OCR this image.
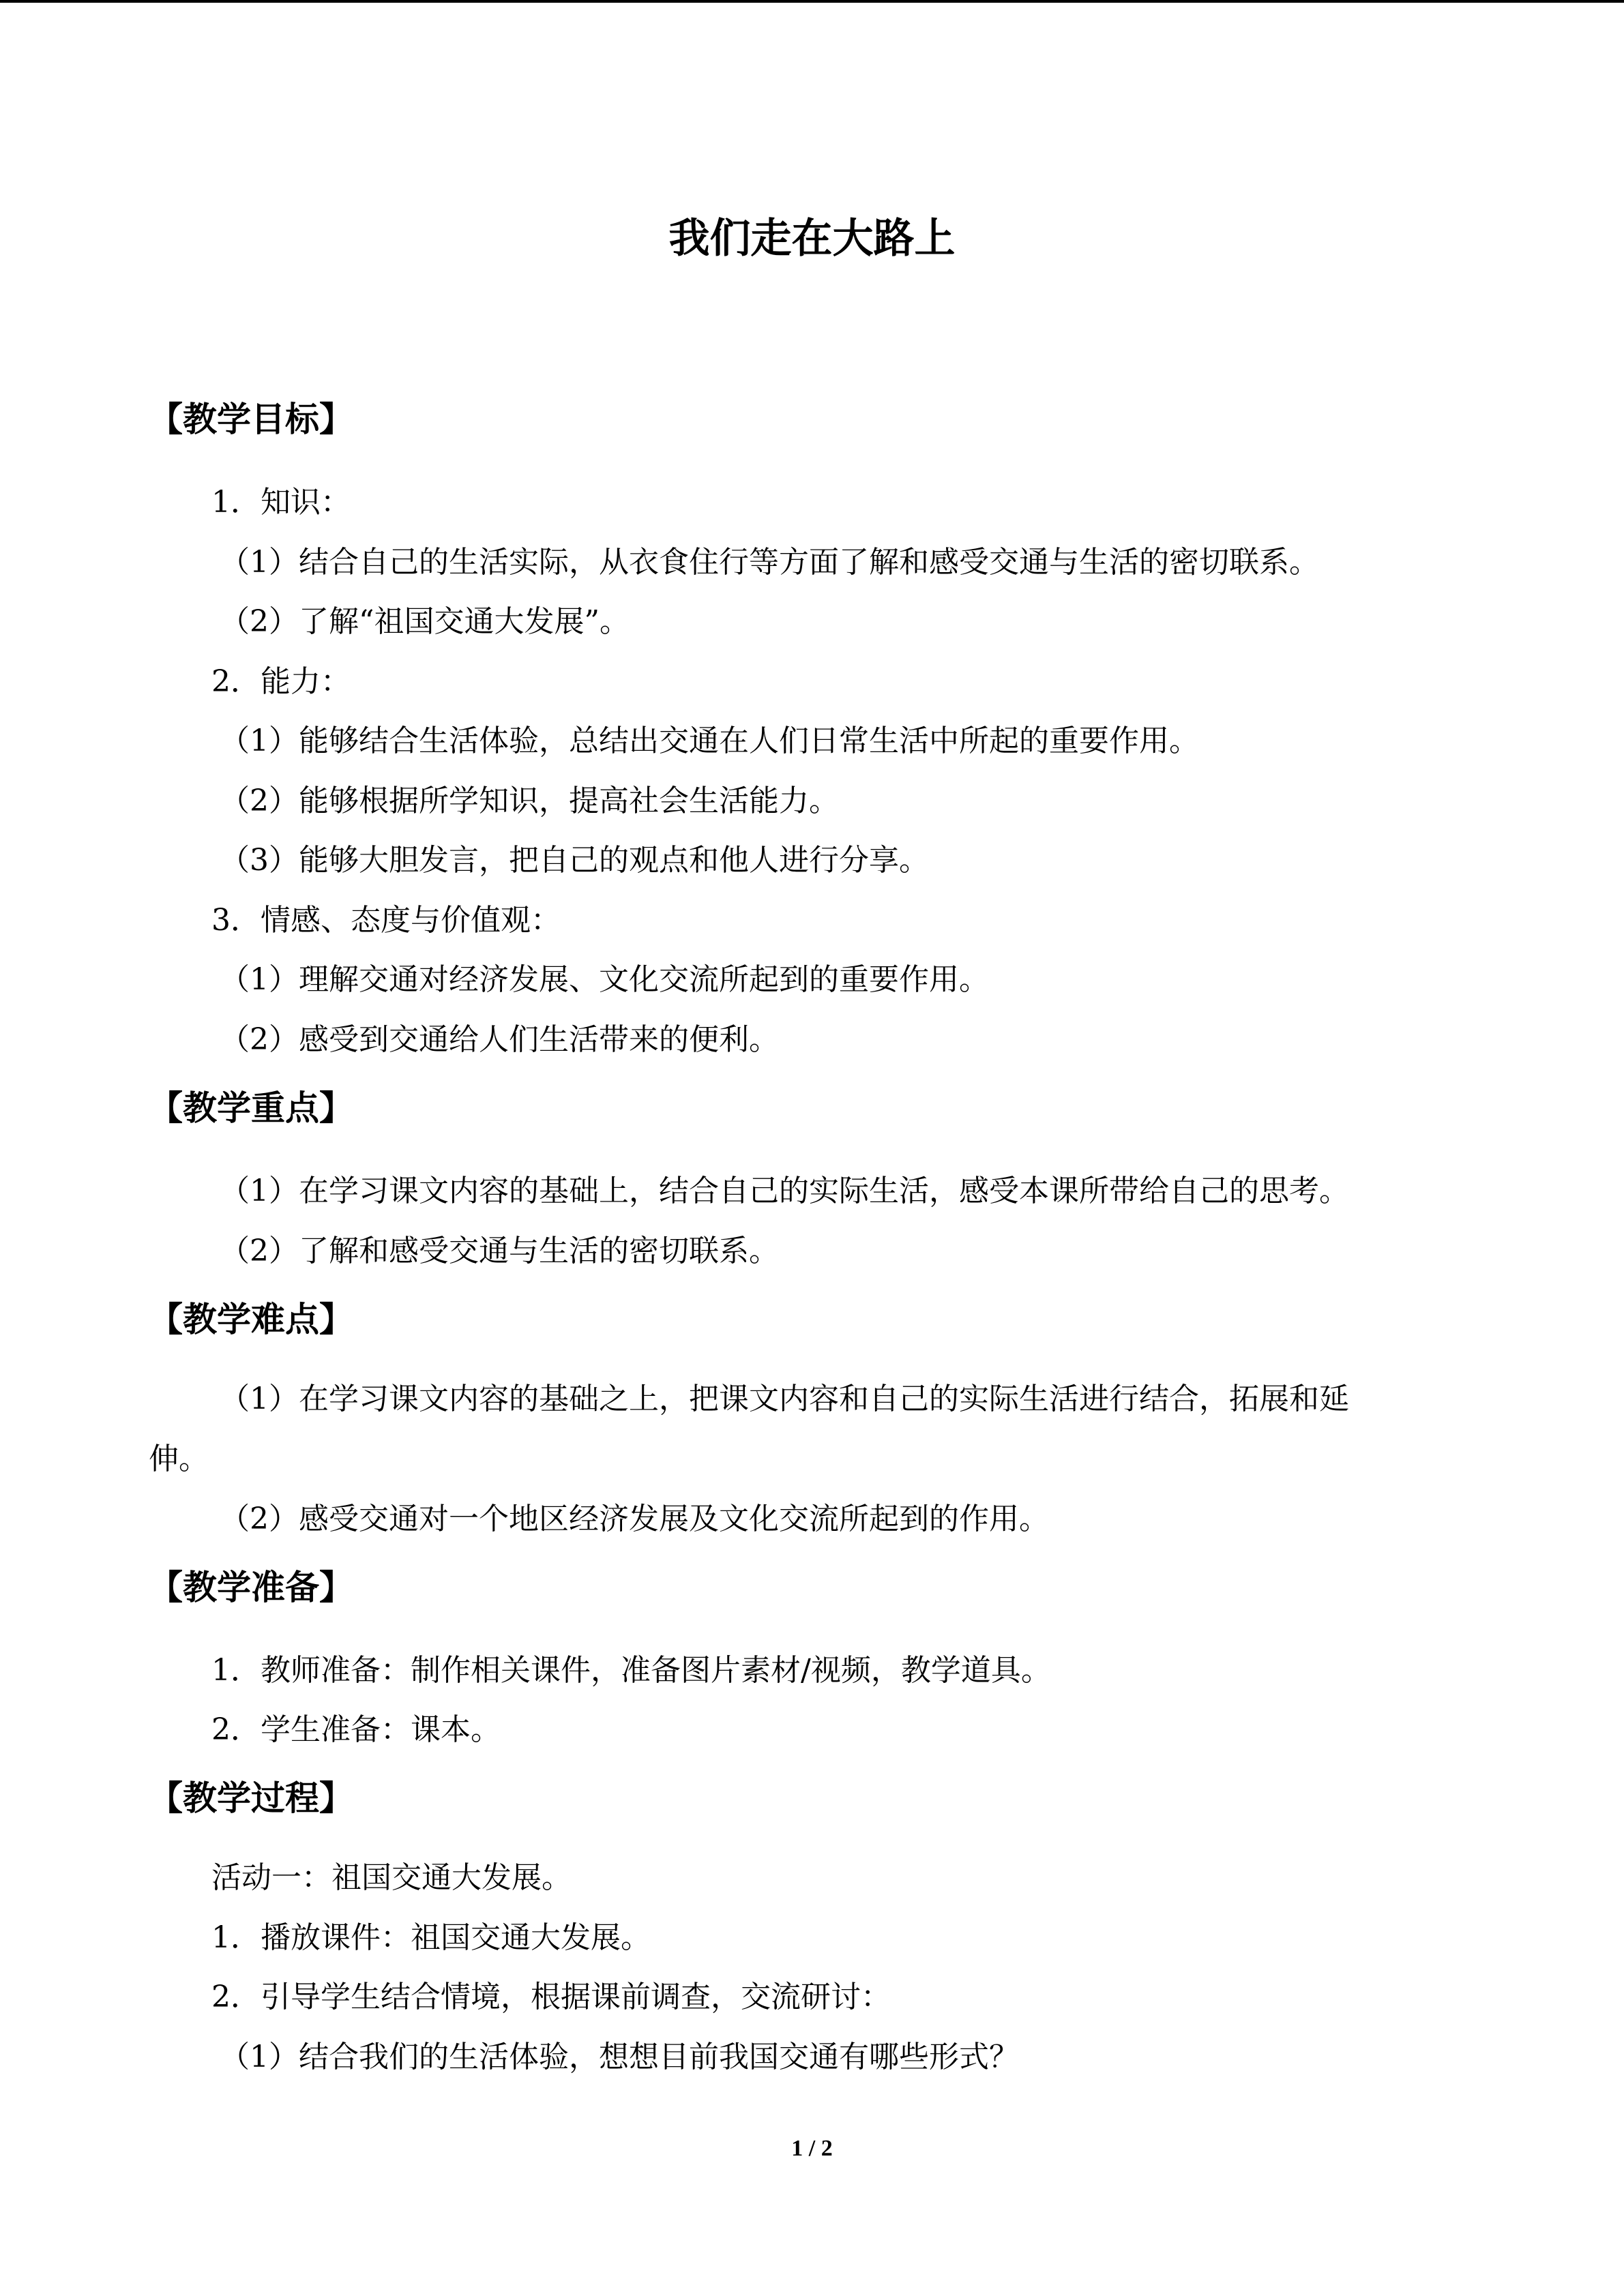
我们走在大路上
【教学目标】

1．知识：

（1）结合自己的生活实际，从衣食住行等方面了解和感受交通与生活的密切联系。

（2）了解“祖国交通大发展”。

2．能力：

（1）能够结合生活体验，总结出交通在人们日常生活中所起的重要作用。

（2）能够根据所学知识，提高社会生活能力。

（3）能够大胆发言，把自己的观点和他人进行分享。

3．情感、态度与价值观：

（1）理解交通对经济发展、文化交流所起到的重要作用。

（2）感受到交通给人们生活带来的便利。

【教学重点】

（1）在学习课文内容的基础上，结合自己的实际生活，感受本课所带给自己的思考。

（2）了解和感受交通与生活的密切联系。

【教学难点】

（1）在学习课文内容的基础之上，把课文内容和自己的实际生活进行结合，拓展和延

伸。

（2）感受交通对一个地区经济发展及文化交流所起到的作用。

【教学准备】

1．教师准备：制作相关课件，准备图片素材/视频，教学道具。

2．学生准备：课本。

【教学过程】

活动一：祖国交通大发展。

1．播放课件：祖国交通大发展。

2．引导学生结合情境，根据课前调查，交流研讨：

（1）结合我们的生活体验，想想目前我国交通有哪些形式？

1 / 2
